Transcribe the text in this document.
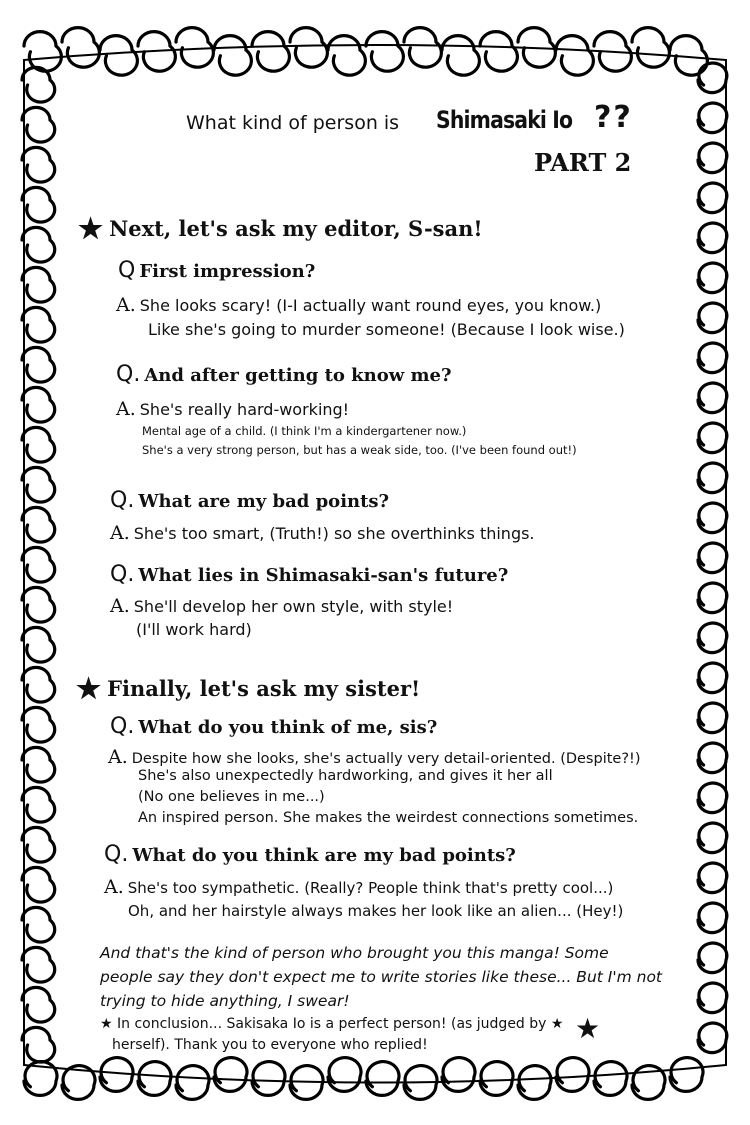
What kind of person is Shimasaki Io ??
PART 2
★ Next, let's ask my editor, S-san!
Q First impression?
A. She looks scary! (I-I actually want round eyes, you know.)
Like she's going to murder someone! (Because I look wise.)
Q. And after getting to know me?
A. She's really hard-working!
Mental age of a child. (I think I'm a kindergartener now.)
She's a very strong person, but has a weak side, too. (I've been found out!)
Q. What are my bad points?
A. She's too smart, (Truth!) so she overthinks things.
Q. What lies in Shimasaki-san's future?
A. She'll develop her own style, with style!
(I'll work hard)
★ Finally, let's ask my sister!
Q. What do you think of me, sis?
A. Despite how she looks, she's actually very detail-oriented. (Despite?!)
She's also unexpectedly hardworking, and gives it her all
(No one believes in me...)
An inspired person. She makes the weirdest connections sometimes.
Q. What do you think are my bad points?
A. She's too sympathetic. (Really? People think that's pretty cool...)
Oh, and her hairstyle always makes her look like an alien... (Hey!)
And that's the kind of person who brought you this manga! Some
people say they don't expect me to write stories like these... But I'm not
trying to hide anything, I swear!
★ In conclusion... Sakisaka Io is a perfect person! (as judged by ★
herself). Thank you to everyone who replied!	★
